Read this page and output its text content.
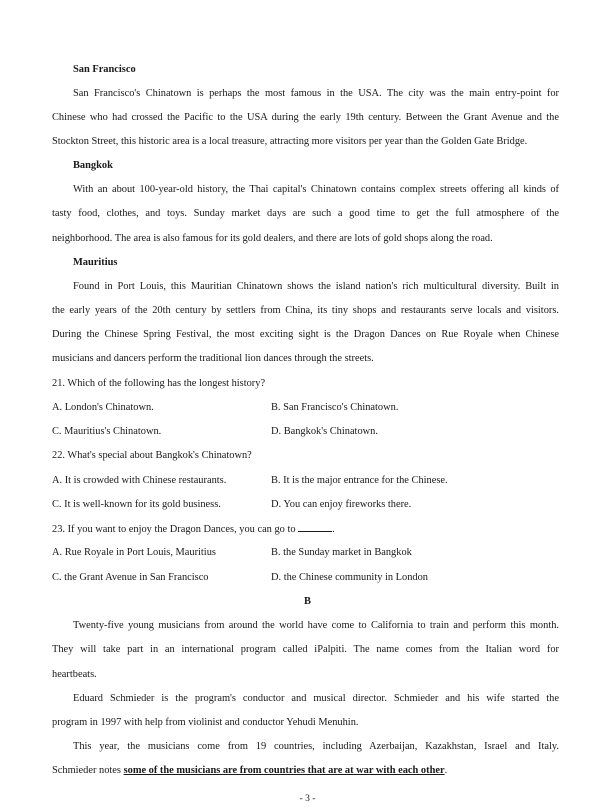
San Francisco
San Francisco's Chinatown is perhaps the most famous in the USA. The city was the main entry-point for
Chinese who had crossed the Pacific to the USA during the early 19th century. Between the Grant Avenue and the
Stockton Street, this historic area is a local treasure, attracting more visitors per year than the Golden Gate Bridge.
Bangkok
With an about 100-year-old history, the Thai capital's Chinatown contains complex streets offering all kinds of
tasty food, clothes, and toys. Sunday market days are such a good time to get the full atmosphere of the
neighborhood. The area is also famous for its gold dealers, and there are lots of gold shops along the road.
Mauritius
Found in Port Louis, this Mauritian Chinatown shows the island nation's rich multicultural diversity. Built in
the early years of the 20th century by settlers from China, its tiny shops and restaurants serve locals and visitors.
During the Chinese Spring Festival, the most exciting sight is the Dragon Dances on Rue Royale when Chinese
musicians and dancers perform the traditional lion dances through the streets.
21. Which of the following has the longest history?
A. London's Chinatown.	B. San Francisco's Chinatown.
C. Mauritius's Chinatown.	D. Bangkok's Chinatown.
22. What's special about Bangkok's Chinatown?
A. It is crowded with Chinese restaurants.	B. It is the major entrance for the Chinese.
C. It is well-known for its gold business.	D. You can enjoy fireworks there.
23. If you want to enjoy the Dragon Dances, you can go to	.
A. Rue Royale in Port Louis, Mauritius	B. the Sunday market in Bangkok
C. the Grant Avenue in San Francisco	D. the Chinese community in London
B
Twenty-five young musicians from around the world have come to California to train and perform this month.
They will take part in an international program called iPalpiti. The name comes from the Italian word for
heartbeats.
Eduard Schmieder is the program's conductor and musical director. Schmieder and his wife started the
program in 1997 with help from violinist and conductor Yehudi Menuhin.
This year, the musicians come from 19 countries, including Azerbaijan, Kazakhstan, Israel and Italy.
Schmieder notes some of the musicians are from countries that are at war with each other.
- 3 -
